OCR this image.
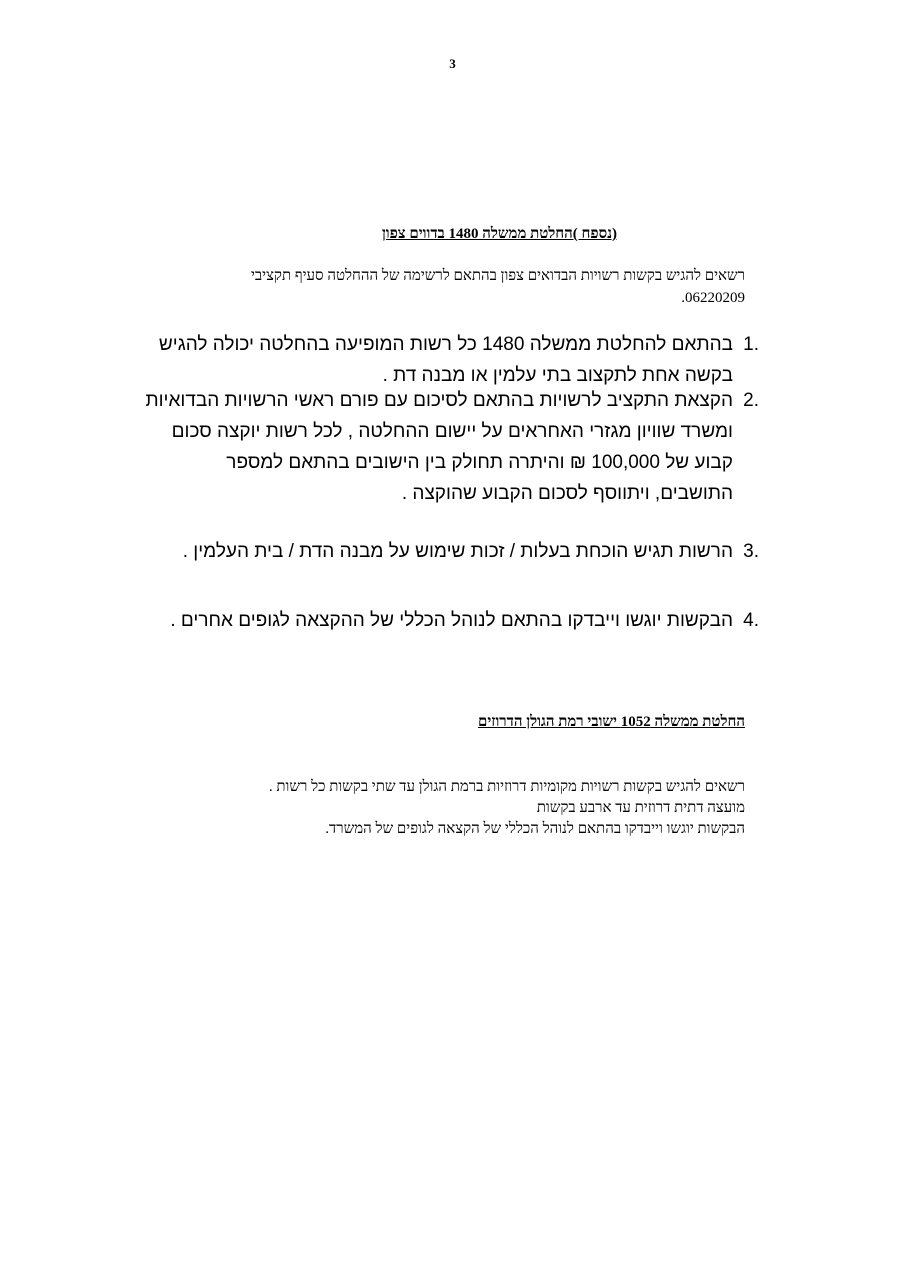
3
(נספח )החלטת ממשלה 1480 בדווים צפון
רשאים להגיש בקשות רשויות הבדואים צפון בהתאם לרשימה של ההחלטה סעיף תקציבי
06220209.
1.
בהתאם להחלטת ממשלה 1480 כל רשות המופיעה בהחלטה יכולה להגיש
בקשה אחת לתקצוב בתי עלמין או מבנה דת .
2.
הקצאת התקציב לרשויות בהתאם לסיכום עם פורם ראשי הרשויות הבדואיות
ומשרד שוויון מגזרי האחראים על יישום ההחלטה , לכל רשות יוקצה סכום
קבוע של 100,000 ₪ והיתרה תחולק בין הישובים בהתאם למספר
התושבים, ויתווסף לסכום הקבוע שהוקצה .
3.
הרשות תגיש הוכחת בעלות / זכות שימוש על מבנה הדת / בית העלמין .
4.
הבקשות יוגשו וייבדקו בהתאם לנוהל הכללי של ההקצאה לגופים אחרים .
החלטת ממשלה 1052 ישובי רמת הגולן הדרוזים
רשאים להגיש בקשות רשויות מקומיות דרוזיות ברמת הגולן עד שתי בקשות כל רשות .
מועצה דתית דרוזית עד ארבע בקשות
הבקשות יוגשו וייבדקו בהתאם לנוהל הכללי של הקצאה לגופים של המשרד.
